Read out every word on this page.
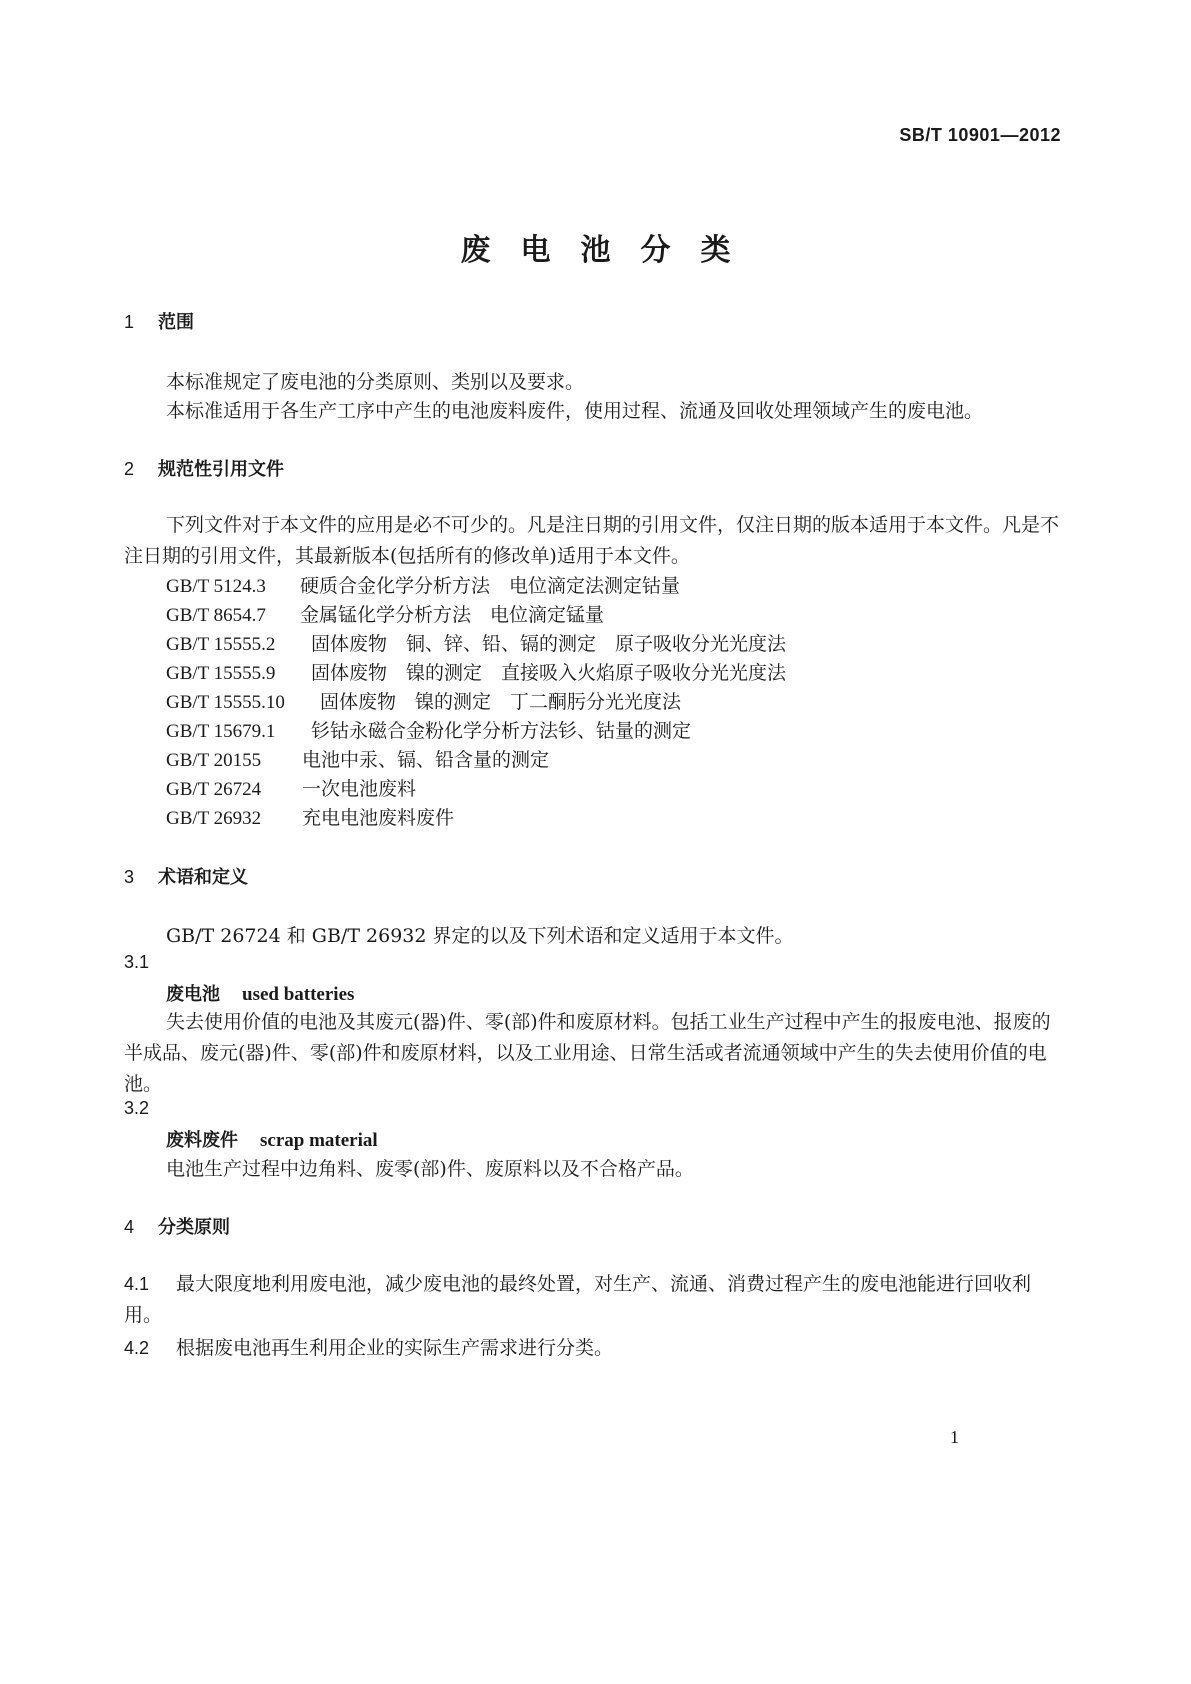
SB/T 10901—2012
废电池分类
1 范围
本标准规定了废电池的分类原则、类别以及要求。
本标准适用于各生产工序中产生的电池废料废件，使用过程、流通及回收处理领域产生的废电池。
2 规范性引用文件
下列文件对于本文件的应用是必不可少的。凡是注日期的引用文件，仅注日期的版本适用于本文件。凡是不注日期的引用文件，其最新版本(包括所有的修改单)适用于本文件。
GB/T 5124.3 硬质合金化学分析方法　电位滴定法测定钴量
GB/T 8654.7 金属锰化学分析方法　电位滴定锰量
GB/T 15555.2 固体废物　铜、锌、铅、镉的测定　原子吸收分光光度法
GB/T 15555.9 固体废物　镍的测定　直接吸入火焰原子吸收分光光度法
GB/T 15555.10 固体废物　镍的测定　丁二酮肟分光光度法
GB/T 15679.1 钐钴永磁合金粉化学分析方法钐、钴量的测定
GB/T 20155 电池中汞、镉、铅含量的测定
GB/T 26724 一次电池废料
GB/T 26932 充电电池废料废件
3 术语和定义
GB/T 26724 和 GB/T 26932 界定的以及下列术语和定义适用于本文件。
3.1
废电池 used batteries
失去使用价值的电池及其废元(器)件、零(部)件和废原材料。包括工业生产过程中产生的报废电池、报废的半成品、废元(器)件、零(部)件和废原材料，以及工业用途、日常生活或者流通领域中产生的失去使用价值的电池。
3.2
废料废件 scrap material
电池生产过程中边角料、废零(部)件、废原料以及不合格产品。
4 分类原则
4.1 最大限度地利用废电池，减少废电池的最终处置，对生产、流通、消费过程产生的废电池能进行回收利用。
4.2 根据废电池再生利用企业的实际生产需求进行分类。
1
